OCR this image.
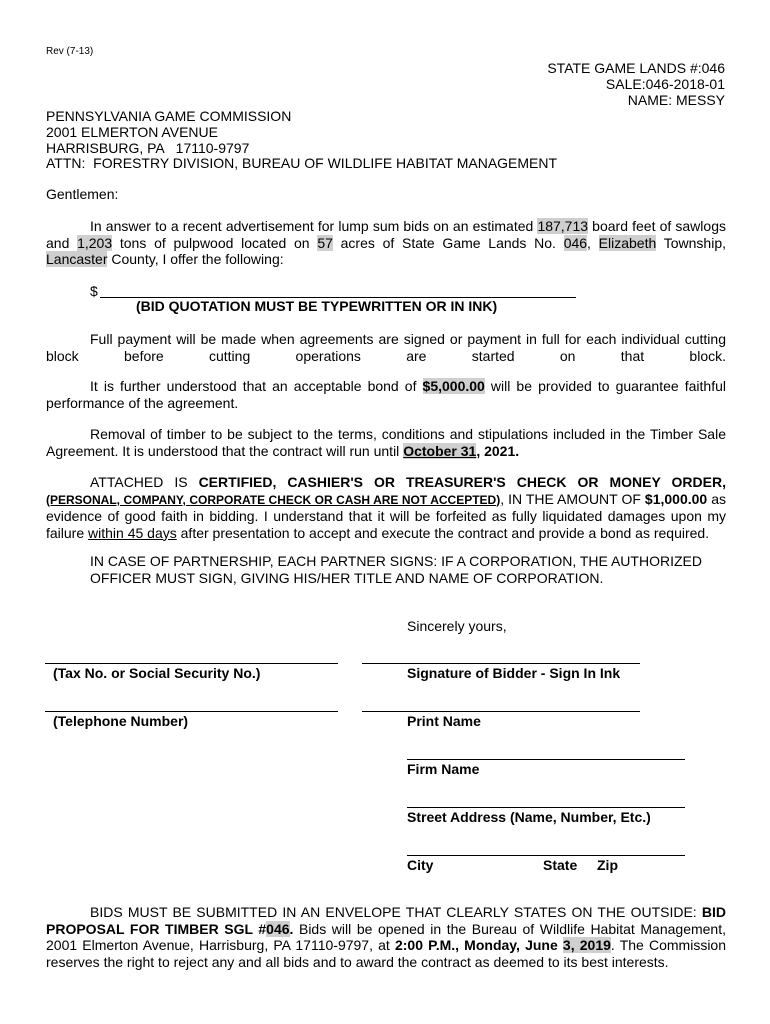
Rev (7-13)
STATE GAME LANDS #:046
SALE:046-2018-01
NAME: MESSY
PENNSYLVANIA GAME COMMISSION
2001 ELMERTON AVENUE
HARRISBURG, PA   17110-9797
ATTN:  FORESTRY DIVISION, BUREAU OF WILDLIFE HABITAT MANAGEMENT
Gentlemen:
In answer to a recent advertisement for lump sum bids on an estimated 187,713 board feet of sawlogs and 1,203 tons of pulpwood located on 57 acres of State Game Lands No. 046, Elizabeth Township, Lancaster County, I offer the following:
$
(BID QUOTATION MUST BE TYPEWRITTEN OR IN INK)
Full payment will be made when agreements are signed or payment in full for each individual cutting block before cutting operations are started on that block.
It is further understood that an acceptable bond of $5,000.00 will be provided to guarantee faithful performance of the agreement.
Removal of timber to be subject to the terms, conditions and stipulations included in the Timber Sale Agreement. It is understood that the contract will run until October 31, 2021.
ATTACHED IS CERTIFIED, CASHIER'S OR TREASURER'S CHECK OR MONEY ORDER,
(PERSONAL, COMPANY, CORPORATE CHECK OR CASH ARE NOT ACCEPTED), IN THE AMOUNT OF $1,000.00 as evidence of good faith in bidding. I understand that it will be forfeited as fully liquidated damages upon my failure within 45 days after presentation to accept and execute the contract and provide a bond as required.
IN CASE OF PARTNERSHIP, EACH PARTNER SIGNS: IF A CORPORATION, THE AUTHORIZED OFFICER MUST SIGN, GIVING HIS/HER TITLE AND NAME OF CORPORATION.
Sincerely yours,
(Tax No. or Social Security No.)	Signature of Bidder - Sign In Ink
(Telephone Number)	Print Name
Firm Name
Street Address (Name, Number, Etc.)
City	State Zip
BIDS MUST BE SUBMITTED IN AN ENVELOPE THAT CLEARLY STATES ON THE OUTSIDE: BID PROPOSAL FOR TIMBER SGL #046. Bids will be opened in the Bureau of Wildlife Habitat Management, 2001 Elmerton Avenue, Harrisburg, PA 17110-9797, at 2:00 P.M., Monday, June 3, 2019. The Commission reserves the right to reject any and all bids and to award the contract as deemed to its best interests.
